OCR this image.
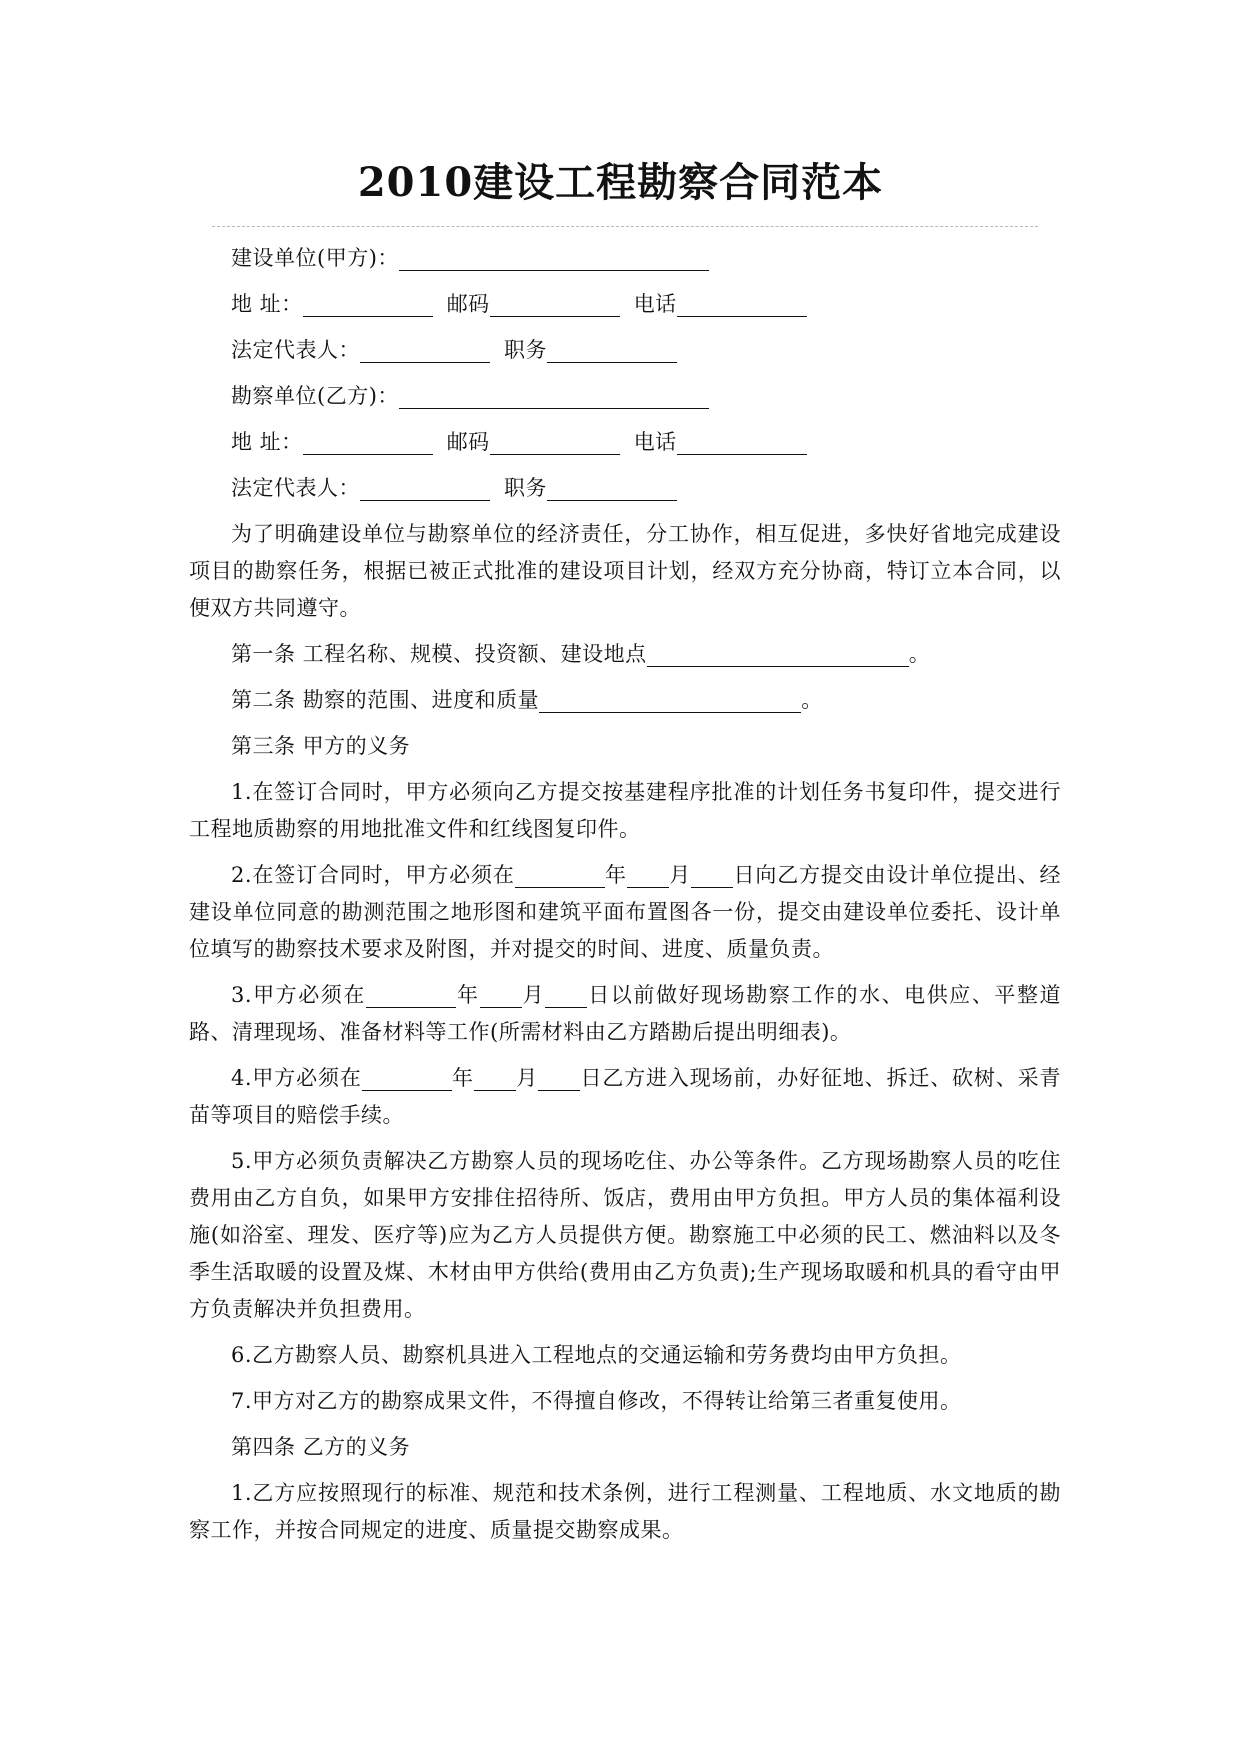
2010建设工程勘察合同范本

建设单位(甲方)：

地 址：	邮码	电话

法定代表人：	职务

勘察单位(乙方)：

地 址：	邮码	电话

法定代表人：	职务

为了明确建设单位与勘察单位的经济责任，分工协作，相互促进，多快好省地完成建设项目的勘察任务，根据已被正式批准的建设项目计划，经双方充分协商，特订立本合同，以便双方共同遵守。

第一条 工程名称、规模、投资额、建设地点	。

第二条 勘察的范围、进度和质量	。

第三条 甲方的义务

1.在签订合同时，甲方必须向乙方提交按基建程序批准的计划任务书复印件，提交进行工程地质勘察的用地批准文件和红线图复印件。

2.在签订合同时，甲方必须在	年 月 日向乙方提交由设计单位提出、经建设单位同意的勘测范围之地形图和建筑平面布置图各一份，提交由建设单位委托、设计单位填写的勘察技术要求及附图，并对提交的时间、进度、质量负责。

3.甲方必须在	年 月 日以前做好现场勘察工作的水、电供应、平整道路、清理现场、准备材料等工作(所需材料由乙方踏勘后提出明细表)。

4.甲方必须在	年 月 日乙方进入现场前，办好征地、拆迁、砍树、采青苗等项目的赔偿手续。

5.甲方必须负责解决乙方勘察人员的现场吃住、办公等条件。乙方现场勘察人员的吃住费用由乙方自负，如果甲方安排住招待所、饭店，费用由甲方负担。甲方人员的集体福利设施(如浴室、理发、医疗等)应为乙方人员提供方便。勘察施工中必须的民工、燃油料以及冬季生活取暖的设置及煤、木材由甲方供给(费用由乙方负责);生产现场取暖和机具的看守由甲方负责解决并负担费用。

6.乙方勘察人员、勘察机具进入工程地点的交通运输和劳务费均由甲方负担。

7.甲方对乙方的勘察成果文件，不得擅自修改，不得转让给第三者重复使用。

第四条 乙方的义务

1.乙方应按照现行的标准、规范和技术条例，进行工程测量、工程地质、水文地质的勘察工作，并按合同规定的进度、质量提交勘察成果。
